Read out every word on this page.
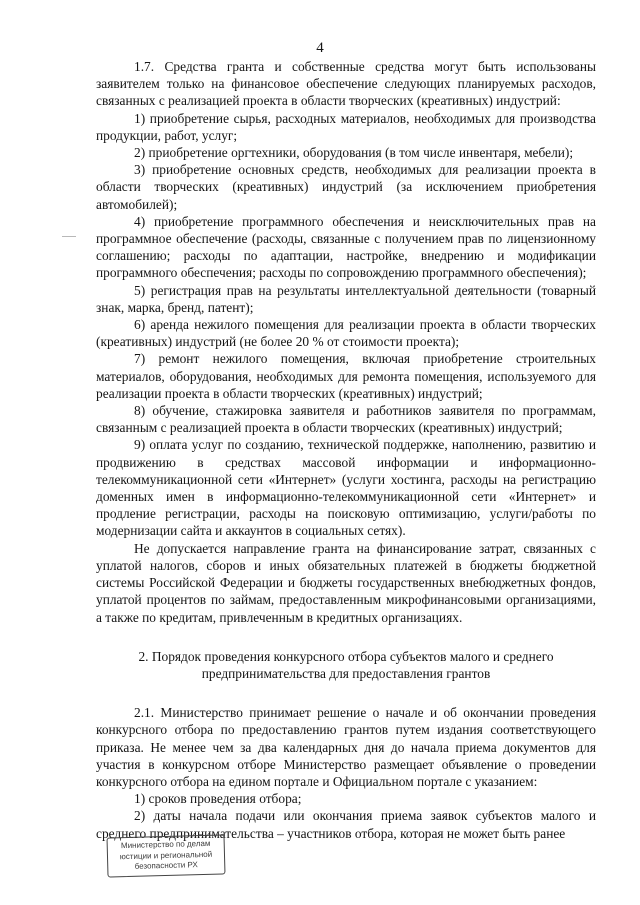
4

1.7. Средства гранта и собственные средства могут быть использованы заявителем только на финансовое обеспечение следующих планируемых расходов, связанных с реализацией проекта в области творческих (креативных) индустрий:

1) приобретение сырья, расходных материалов, необходимых для производства продукции, работ, услуг;

2) приобретение оргтехники, оборудования (в том числе инвентаря, мебели);

3) приобретение основных средств, необходимых для реализации проекта в области творческих (креативных) индустрий (за исключением приобретения автомобилей);

4) приобретение программного обеспечения и неисключительных прав на программное обеспечение (расходы, связанные с получением прав по лицензионному соглашению; расходы по адаптации, настройке, внедрению и модификации программного обеспечения; расходы по сопровождению программного обеспечения);

5) регистрация прав на результаты интеллектуальной деятельности (товарный знак, марка, бренд, патент);

6) аренда нежилого помещения для реализации проекта в области творческих (креативных) индустрий (не более 20 % от стоимости проекта);

7) ремонт нежилого помещения, включая приобретение строительных материалов, оборудования, необходимых для ремонта помещения, используемого для реализации проекта в области творческих (креативных) индустрий;

8) обучение, стажировка заявителя и работников заявителя по программам, связанным с реализацией проекта в области творческих (креативных) индустрий;

9) оплата услуг по созданию, технической поддержке, наполнению, развитию и продвижению в средствах массовой информации и информационно-телекоммуникационной сети «Интернет» (услуги хостинга, расходы на регистрацию доменных имен в информационно-телекоммуникационной сети «Интернет» и продление регистрации, расходы на поисковую оптимизацию, услуги/работы по модернизации сайта и аккаунтов в социальных сетях).

Не допускается направление гранта на финансирование затрат, связанных с уплатой налогов, сборов и иных обязательных платежей в бюджеты бюджетной системы Российской Федерации и бюджеты государственных внебюджетных фондов, уплатой процентов по займам, предоставленным микрофинансовыми организациями, а также по кредитам, привлеченным в кредитных организациях.

2. Порядок проведения конкурсного отбора субъектов малого и среднего предпринимательства для предоставления грантов

2.1. Министерство принимает решение о начале и об окончании проведения конкурсного отбора по предоставлению грантов путем издания соответствующего приказа. Не менее чем за два календарных дня до начала приема документов для участия в конкурсном отборе Министерство размещает объявление о проведении конкурсного отбора на едином портале и Официальном портале с указанием:

1) сроков проведения отбора;

2) даты начала подачи или окончания приема заявок субъектов малого и среднего предпринимательства – участников отбора, которая не может быть ранее

Министерство по делам
юстиции и региональной
безопасности РХ
